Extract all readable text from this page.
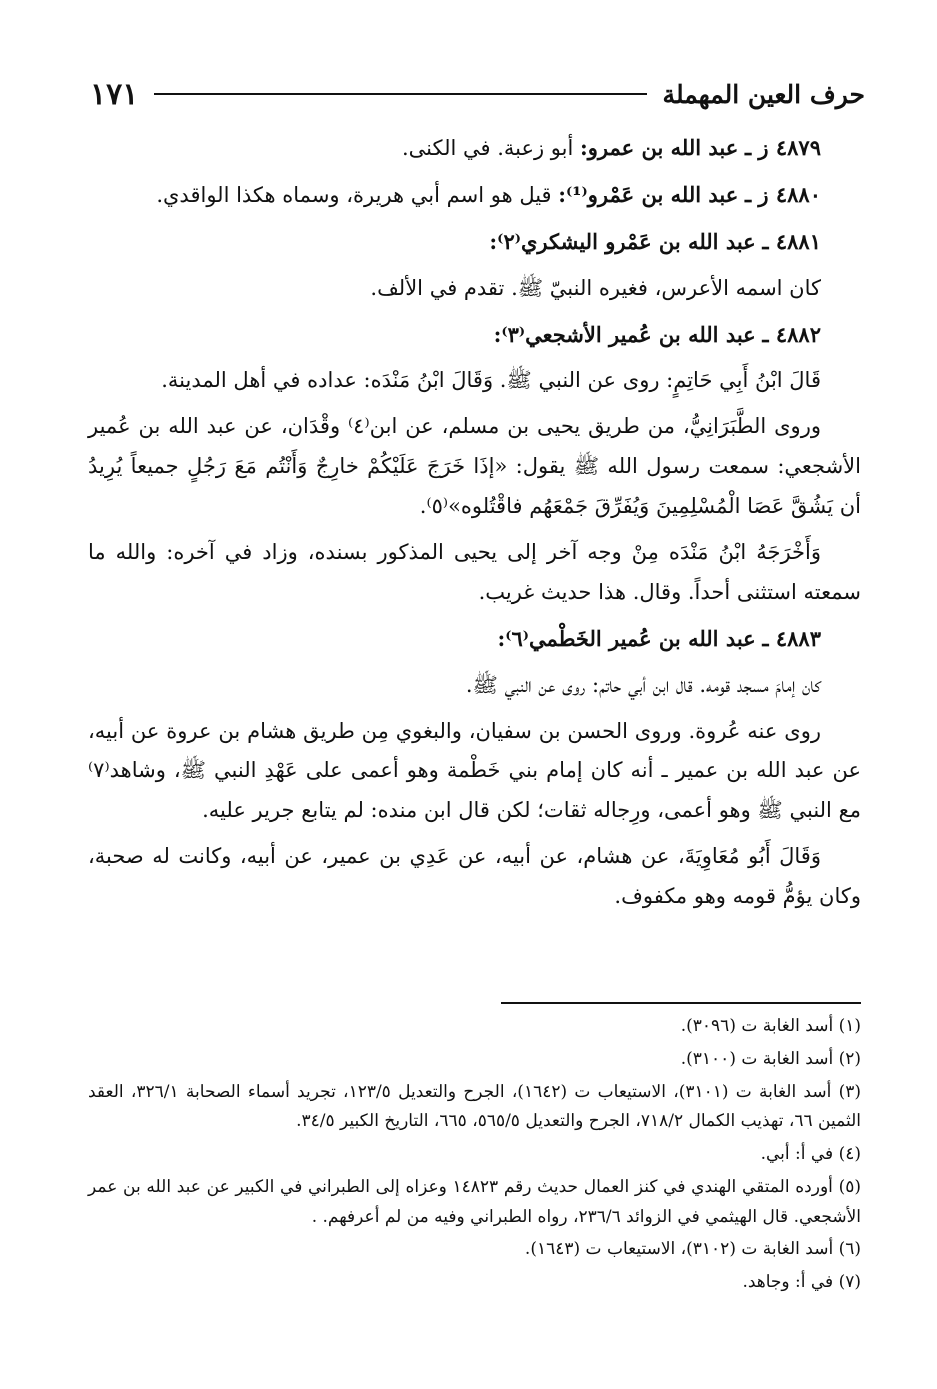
حرف العين المهملة
١٧١

٤٨٧٩ ز ـ عبد الله بن عمرو: أبو زعبة. في الكنى.

٤٨٨٠ ز ـ عبد الله بن عَمْرو⁽¹⁾: قيل هو اسم أبي هريرة، وسماه هكذا الواقدي.

٤٨٨١ ـ عبد الله بن عَمْرو اليشكري⁽٢⁾:

كان اسمه الأعرس، فغيره النبيّ ﷺ. تقدم في الألف.

٤٨٨٢ ـ عبد الله بن عُمير الأشجعي⁽٣⁾:

قَالَ ابْنُ أَبِي حَاتِمٍ: روى عن النبي ﷺ. وَقَالَ ابْنُ مَنْدَه: عداده في أهل المدينة.

وروى الطَّبَرَانِيُّ، من طريق يحيى بن مسلم، عن ابن⁽٤⁾ وقْدَان، عن عبد الله بن عُمير الأشجعي: سمعت رسول الله ﷺ يقول: «إذَا خَرَجَ عَلَيْكُمْ خارِجٌ وَأَنْتُم مَعَ رَجُلٍ جميعاً يُرِيدُ أن يَشُقَّ عَصَا الْمُسْلِمِينَ وَيُفَرِّقَ جَمْعَهُم فاقْتُلوه»⁽٥⁾.

وَأَخْرَجَهُ ابْنُ مَنْدَه مِنْ وجه آخر إلى يحيى المذكور بسنده، وزاد في آخره: والله ما سمعته استثنى أحداً. وقال. هذا حديث غريب.

٤٨٨٣ ـ عبد الله بن عُمير الخَطْمي⁽٦⁾:

كان إمامَ مسجد قومه. قال ابن أبي حاتم: روى عن النبي ﷺ.

روى عنه عُروة. وروى الحسن بن سفيان، والبغوي مِن طريق هشام بن عروة عن أبيه، عن عبد الله بن عمير ـ أنه كان إمام بني خَطْمة وهو أعمى على عَهْدِ النبي ﷺ، وشاهد⁽٧⁾ مع النبي ﷺ وهو أعمى، ورِجاله ثقات؛ لكن قال ابن منده: لم يتابع جرير عليه.

وَقَالَ أَبُو مُعَاوِيَةَ، عن هشام، عن أبيه، عن عَدِي بن عمير، عن أبيه، وكانت له صحبة، وكان يؤمُّ قومه وهو مكفوف.

(١) أسد الغابة ت (٣٠٩٦).

(٢) أسد الغابة ت (٣١٠٠).

(٣) أسد الغابة ت (٣١٠١)، الاستيعاب ت (١٦٤٢)، الجرح والتعديل ١٢٣/٥، تجريد أسماء الصحابة ٣٢٦/١، العقد الثمين ٦٦، تهذيب الكمال ٧١٨/٢، الجرح والتعديل ٥٦٥/٥، ٦٦٥، التاريخ الكبير ٣٤/٥.

(٤) في أ: أبي.

(٥) أورده المتقي الهندي في كنز العمال حديث رقم ١٤٨٢٣ وعزاه إلى الطبراني في الكبير عن عبد الله بن عمر الأشجعي. قال الهيثمي في الزوائد ٢٣٦/٦، رواه الطبراني وفيه من لم أعرفهم. .

(٦) أسد الغابة ت (٣١٠٢)، الاستيعاب ت (١٦٤٣).

(٧) في أ: وجاهد.
